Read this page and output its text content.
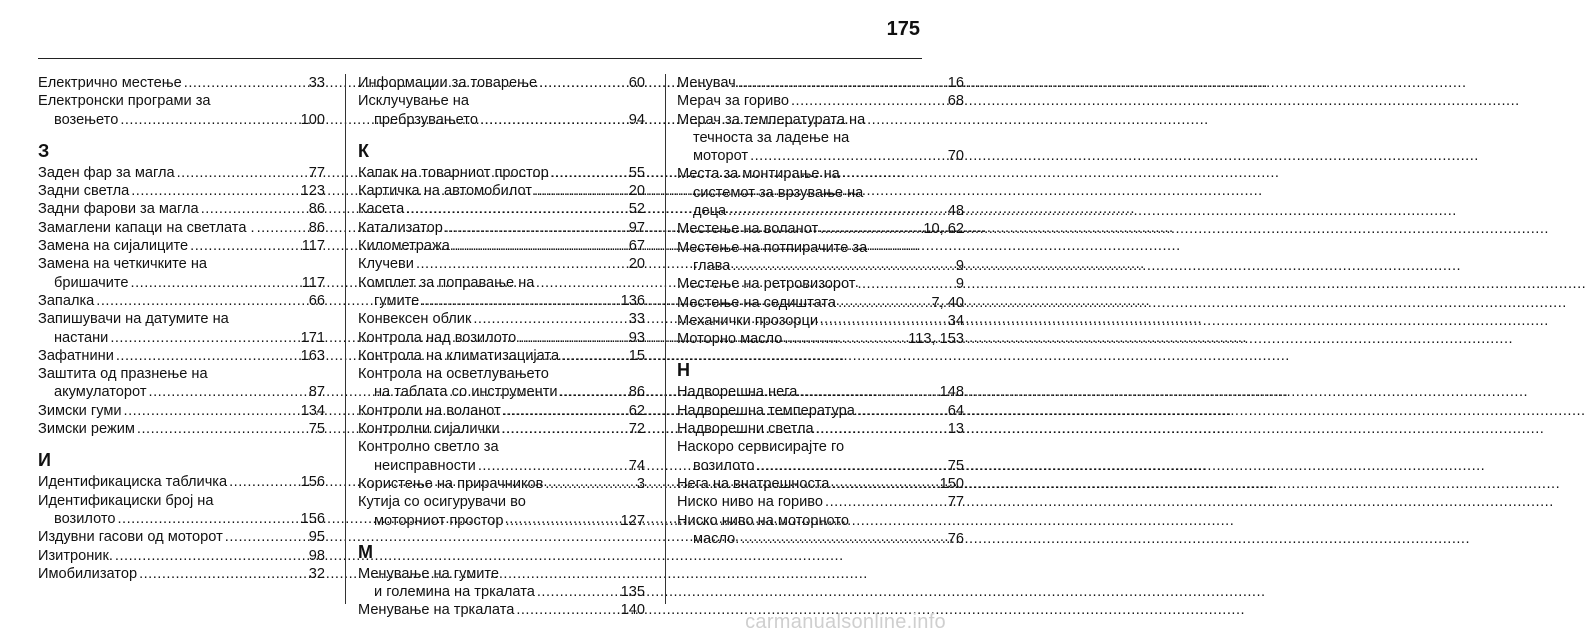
175
Електрично местење .....	33
Електронски програми за
возењето .....	100
З
Заден фар за магла .....	77
Задни светла .....	123
Задни фарови за магла .....	86
Замаглени капаци на светлата . .....	86
Замена на сијалиците .....	117
Замена на четкичките на
бришачите .....	117
Запалка .....	66
Запишувачи на датумите на
настани .....	171
Зафатнини .....	163
Заштита од празнење на
акумулаторот .....	87
Зимски гуми .....	134
Зимски режим .....	75
И
Идентификациска табличка .....	156
Идентификациски број на
возилото .....	156
Издувни гасови од моторот .....	95
Изитроник. .....	98
Имобилизатор .....	32
Информации за товарење .....	60
Исклучување на
пребрзувањето .....	94
К
Капак на товарниот простор .....	55
Картичка на автомобилот .....	20
Касета .....	52
Катализатор .....	97
Километража .....	67
Клучеви .....	20
Комплет за поправање на
гумите .....	136
Конвексен облик .....	33
Контрола над возилото .....	93
Контрола на климатизацијата .....	15
Контрола на осветлувањето
на таблата со инструменти .....	86
Контроли на воланот .....	62
Контролни сијалички .....	72
Контролно светло за
неисправности .....	74
Користење на прирачников .....	3
Кутија со осигурувачи во
моторниот простор .....	127
М
Менување на гумите
и големина на тркалата .....	135
Менување на тркалата .....	140
Менувач .....	16
Мерач за гориво .....	68
Мерач за температурата на
течноста за ладење на
моторот .....	70
Места за монтирање на
системот за врзување на
деца .....	48
Местење на воланот .....	10, 62
Местење на потпирачите за
глава .....	9
Местење на ретровизорот .....	9
Местење на седиштата .....	7, 40
Механички прозорци .....	34
Моторно масло .....	113, 153
Н
Надворешна нега .....	148
Надворешна температура .....	64
Надворешни светла .....	13
Наскоро сервисирајте го
возилото .....	75
Нега на внатрешноста .....	150
Ниско ниво на гориво .....	77
Ниско ниво на моторното
масло. .....	76
carmanualsonline.info
